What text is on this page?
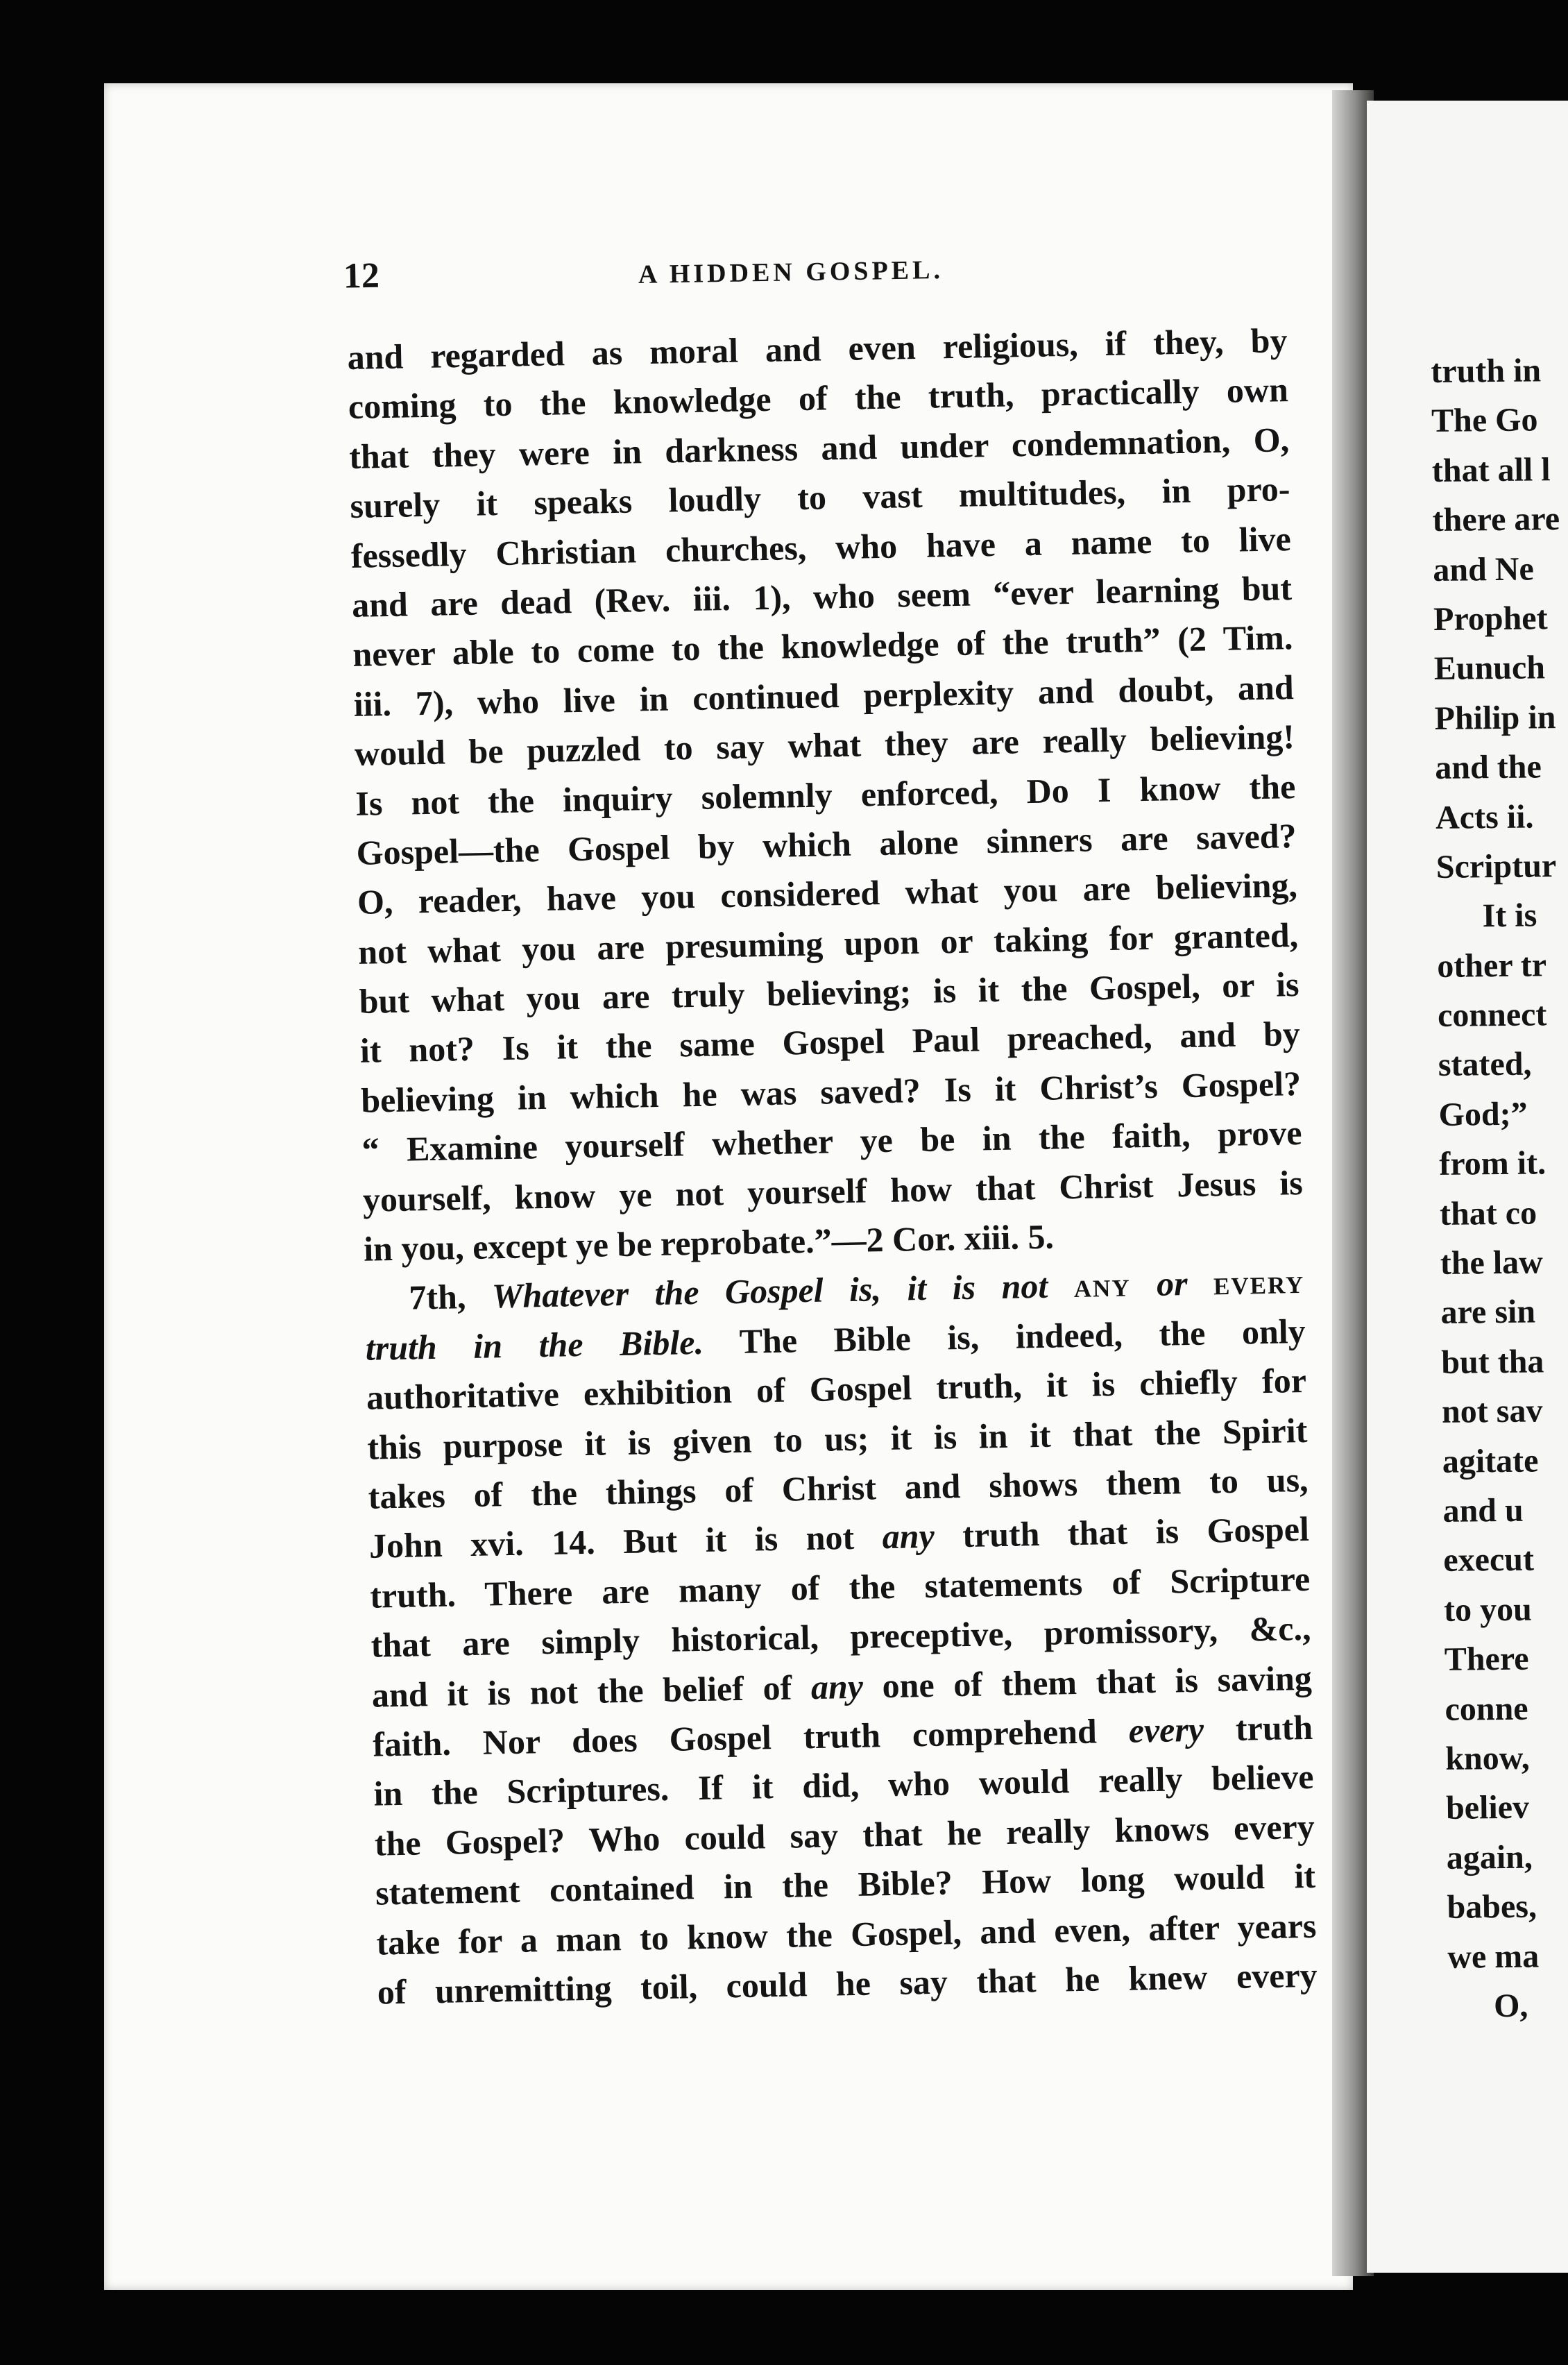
12	A HIDDEN GOSPEL.
and regarded as moral and even religious, if they, by
coming to the knowledge of the truth, practically own
that they were in darkness and under condemnation, O,
surely it speaks loudly to vast multitudes, in pro-
fessedly Christian churches, who have a name to live
and are dead (Rev. iii. 1), who seem “ever learning but
never able to come to the knowledge of the truth” (2 Tim.
iii. 7), who live in continued perplexity and doubt, and
would be puzzled to say what they are really believing!
Is not the inquiry solemnly enforced, Do I know the
Gospel—the Gospel by which alone sinners are saved?
O, reader, have you considered what you are believing,
not what you are presuming upon or taking for granted,
but what you are truly believing; is it the Gospel, or is
it not? Is it the same Gospel Paul preached, and by
believing in which he was saved? Is it Christ’s Gospel?
“ Examine yourself whether ye be in the faith, prove
yourself, know ye not yourself how that Christ Jesus is
in you, except ye be reprobate.”—2 Cor. xiii. 5.
7th, Whatever the Gospel is, it is not any or every
truth in the Bible. The Bible is, indeed, the only
authoritative exhibition of Gospel truth, it is chiefly for
this purpose it is given to us; it is in it that the Spirit
takes of the things of Christ and shows them to us,
John xvi. 14. But it is not any truth that is Gospel
truth. There are many of the statements of Scripture
that are simply historical, preceptive, promissory, &c.,
and it is not the belief of any one of them that is saving
faith. Nor does Gospel truth comprehend every truth
in the Scriptures. If it did, who would really believe
the Gospel? Who could say that he really knows every
statement contained in the Bible? How long would it
take for a man to know the Gospel, and even, after years
of unremitting toil, could he say that he knew every
truth in
The Go
that all l
there are
and Ne
Prophet
Eunuch
Philip in
and the
Acts ii.
Scriptur
It is
other tr
connect
stated,
God;”
from it.
that co
the law
are sin
but tha
not sav
agitate
and u
execut
to you
There
conne
know,
believ
again,
babes,
we ma
O,
